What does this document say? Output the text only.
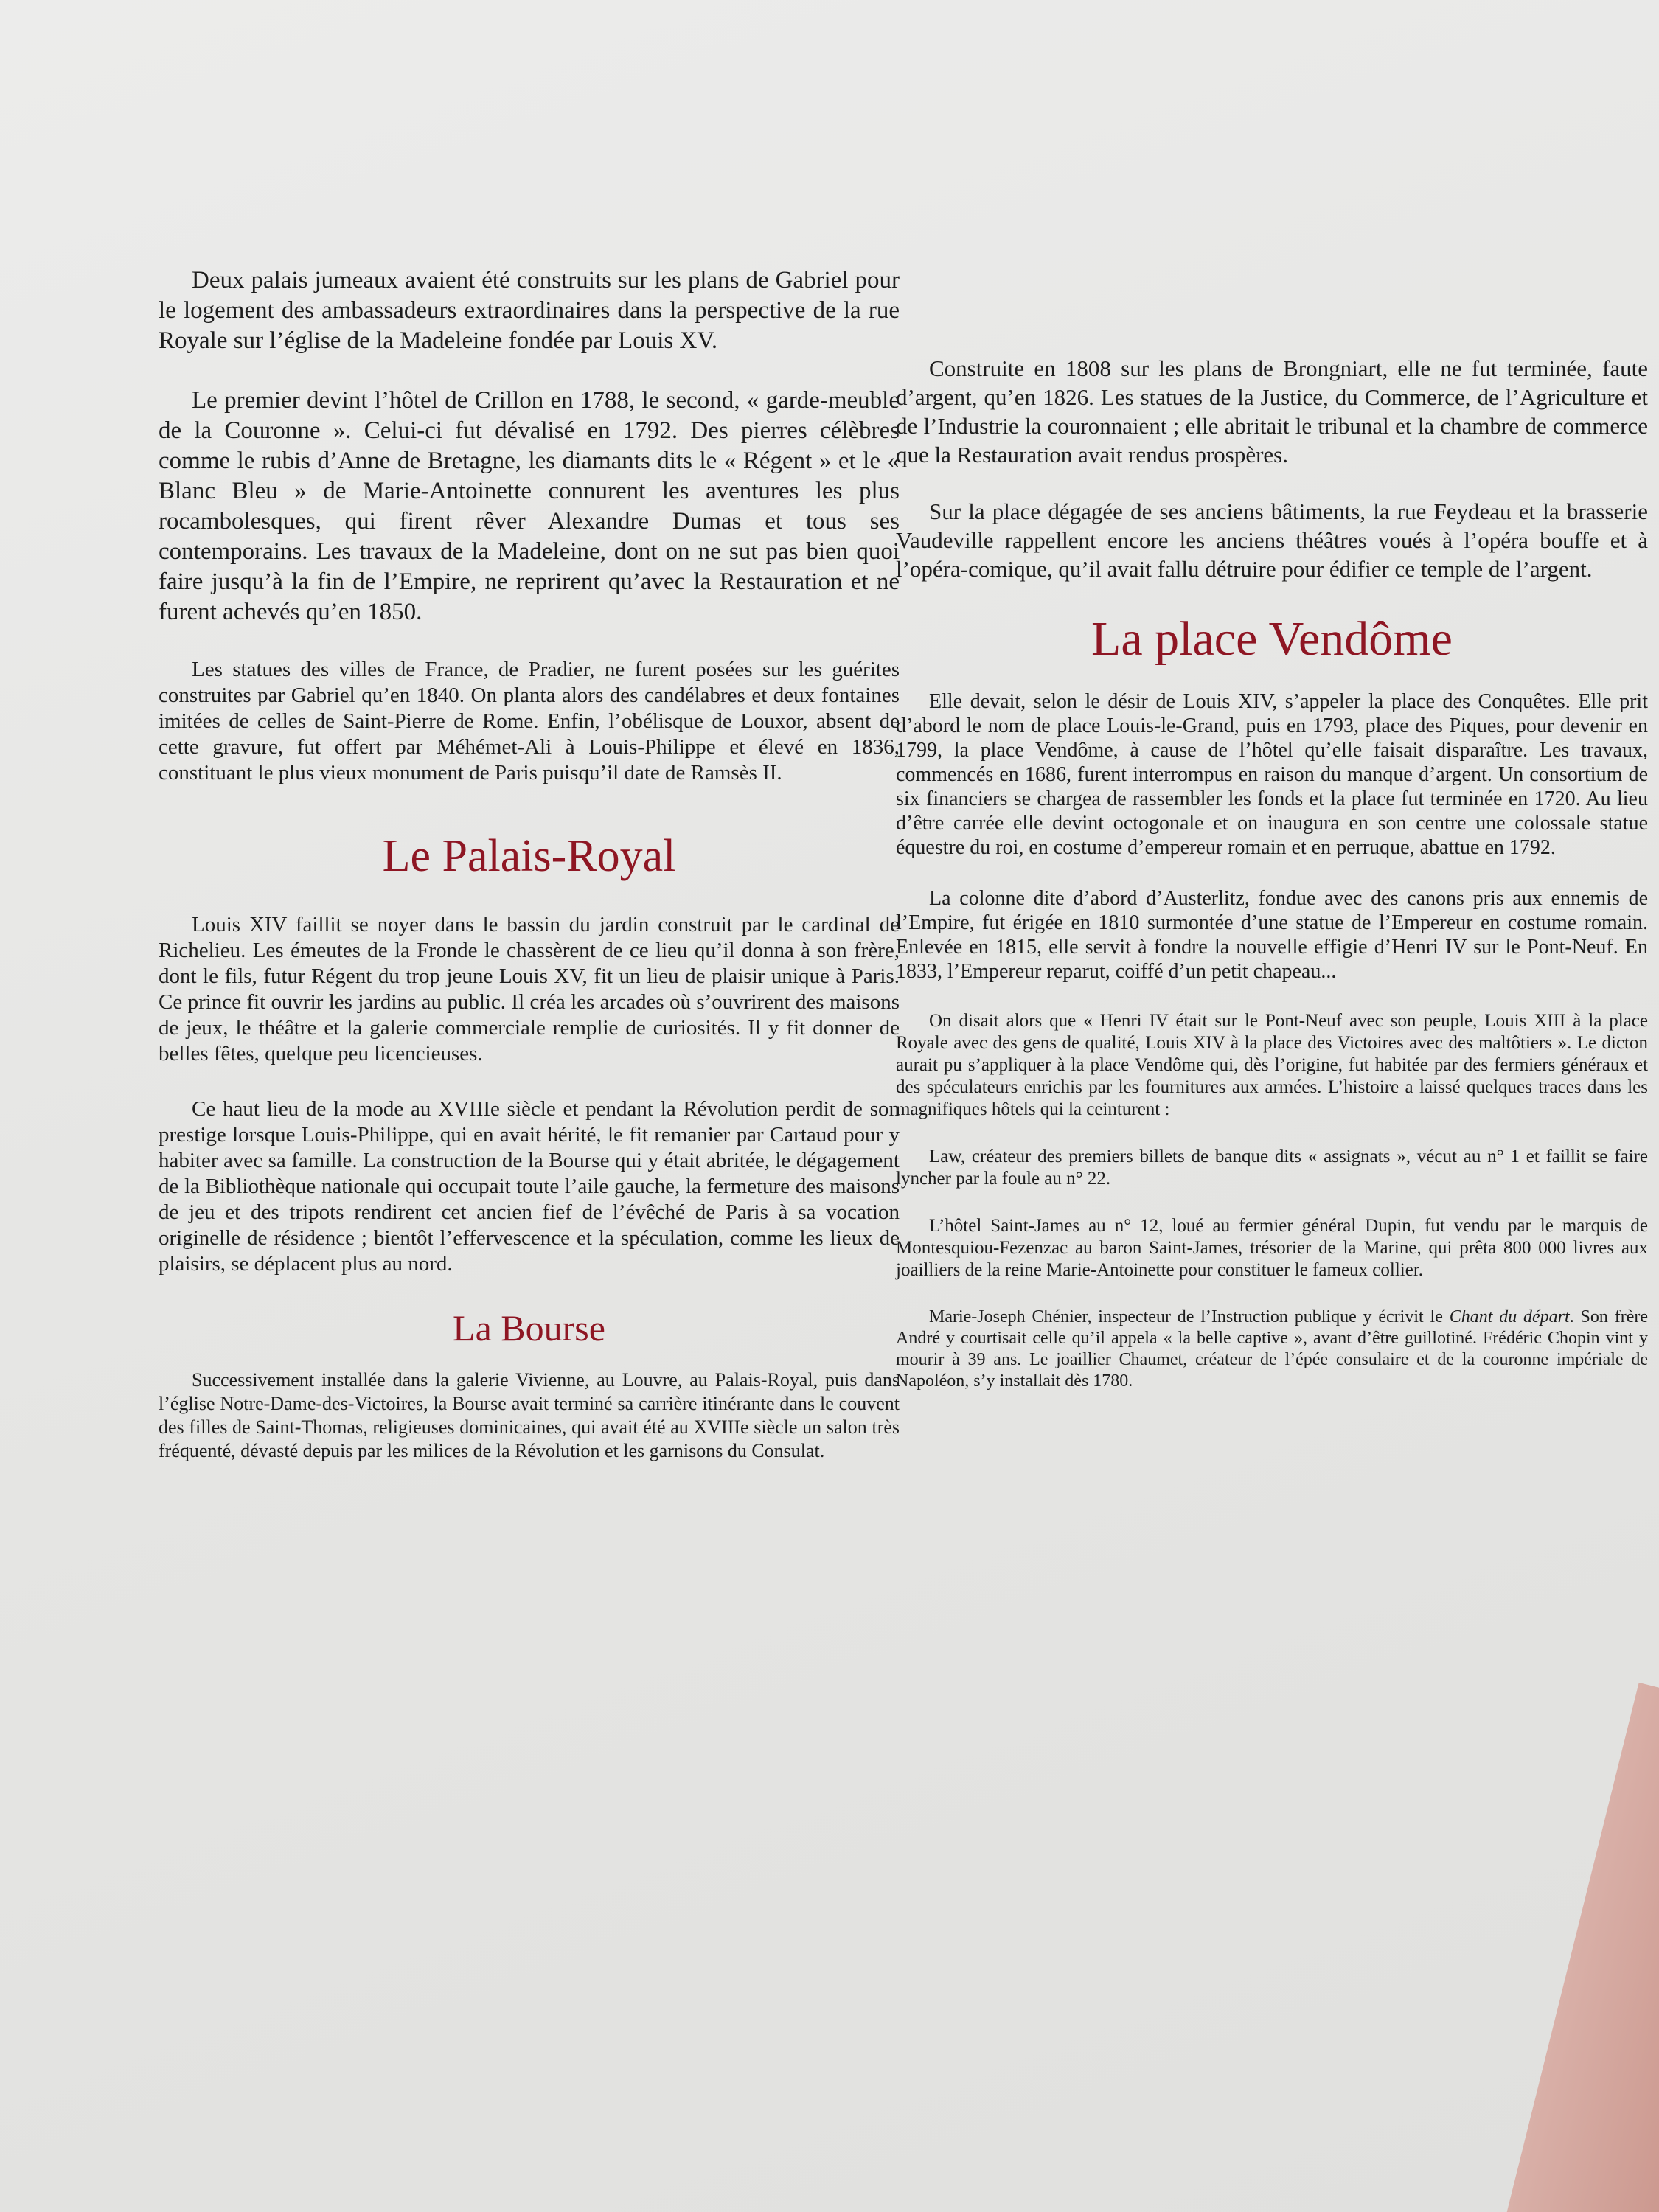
Deux palais jumeaux avaient été construits sur les plans de Gabriel pour le logement des ambassadeurs extraordinaires dans la perspective de la rue Royale sur l’église de la Madeleine fondée par Louis XV.

Le premier devint l’hôtel de Crillon en 1788, le second, « garde-meuble de la Couronne ». Celui-ci fut dévalisé en 1792. Des pierres célèbres comme le rubis d’Anne de Bretagne, les diamants dits le « Régent » et le « Blanc Bleu » de Marie-Antoinette connurent les aventures les plus rocambolesques, qui firent rêver Alexandre Dumas et tous ses contemporains. Les travaux de la Madeleine, dont on ne sut pas bien quoi faire jusqu’à la fin de l’Empire, ne reprirent qu’avec la Restauration et ne furent achevés qu’en 1850.

Les statues des villes de France, de Pradier, ne furent posées sur les guérites construites par Gabriel qu’en 1840. On planta alors des candélabres et deux fontaines imitées de celles de Saint-Pierre de Rome. Enfin, l’obélisque de Louxor, absent de cette gravure, fut offert par Méhémet-Ali à Louis-Philippe et élevé en 1836, constituant le plus vieux monument de Paris puisqu’il date de Ramsès II.

Le Palais-Royal

Louis XIV faillit se noyer dans le bassin du jardin construit par le cardinal de Richelieu. Les émeutes de la Fronde le chassèrent de ce lieu qu’il donna à son frère, dont le fils, futur Régent du trop jeune Louis XV, fit un lieu de plaisir unique à Paris. Ce prince fit ouvrir les jardins au public. Il créa les arcades où s’ouvrirent des maisons de jeux, le théâtre et la galerie commerciale remplie de curiosités. Il y fit donner de belles fêtes, quelque peu licencieuses.

Ce haut lieu de la mode au XVIIIe siècle et pendant la Révolution perdit de son prestige lorsque Louis-Philippe, qui en avait hérité, le fit remanier par Cartaud pour y habiter avec sa famille. La construction de la Bourse qui y était abritée, le dégagement de la Bibliothèque nationale qui occupait toute l’aile gauche, la fermeture des maisons de jeu et des tripots rendirent cet ancien fief de l’évêché de Paris à sa vocation originelle de résidence ; bientôt l’effervescence et la spéculation, comme les lieux de plaisirs, se déplacent plus au nord.

La Bourse

Successivement installée dans la galerie Vivienne, au Louvre, au Palais-Royal, puis dans l’église Notre-Dame-des-Victoires, la Bourse avait terminé sa carrière itinérante dans le couvent des filles de Saint-Thomas, religieuses dominicaines, qui avait été au XVIIIe siècle un salon très fréquenté, dévasté depuis par les milices de la Révolution et les garnisons du Consulat.

Construite en 1808 sur les plans de Brongniart, elle ne fut terminée, faute d’argent, qu’en 1826. Les statues de la Justice, du Commerce, de l’Agriculture et de l’Industrie la couronnaient ; elle abritait le tribunal et la chambre de commerce que la Restauration avait rendus prospères.

Sur la place dégagée de ses anciens bâtiments, la rue Feydeau et la brasserie Vaudeville rappellent encore les anciens théâtres voués à l’opéra bouffe et à l’opéra-comique, qu’il avait fallu détruire pour édifier ce temple de l’argent.

La place Vendôme

Elle devait, selon le désir de Louis XIV, s’appeler la place des Conquêtes. Elle prit d’abord le nom de place Louis-le-Grand, puis en 1793, place des Piques, pour devenir en 1799, la place Vendôme, à cause de l’hôtel qu’elle faisait disparaître. Les travaux, commencés en 1686, furent interrompus en raison du manque d’argent. Un consortium de six financiers se chargea de rassembler les fonds et la place fut terminée en 1720. Au lieu d’être carrée elle devint octogonale et on inaugura en son centre une colossale statue équestre du roi, en costume d’empereur romain et en perruque, abattue en 1792.

La colonne dite d’abord d’Austerlitz, fondue avec des canons pris aux ennemis de l’Empire, fut érigée en 1810 surmontée d’une statue de l’Empereur en costume romain. Enlevée en 1815, elle servit à fondre la nouvelle effigie d’Henri IV sur le Pont-Neuf. En 1833, l’Empereur reparut, coiffé d’un petit chapeau...

On disait alors que « Henri IV était sur le Pont-Neuf avec son peuple, Louis XIII à la place Royale avec des gens de qualité, Louis XIV à la place des Victoires avec des maltôtiers ». Le dicton aurait pu s’appliquer à la place Vendôme qui, dès l’origine, fut habitée par des fermiers généraux et des spéculateurs enrichis par les fournitures aux armées. L’histoire a laissé quelques traces dans les magnifiques hôtels qui la ceinturent :

Law, créateur des premiers billets de banque dits « assignats », vécut au n° 1 et faillit se faire lyncher par la foule au n° 22.

L’hôtel Saint-James au n° 12, loué au fermier général Dupin, fut vendu par le marquis de Montesquiou-Fezenzac au baron Saint-James, trésorier de la Marine, qui prêta 800 000 livres aux joailliers de la reine Marie-Antoinette pour constituer le fameux collier.

Marie-Joseph Chénier, inspecteur de l’Instruction publique y écrivit le Chant du départ. Son frère André y courtisait celle qu’il appela « la belle captive », avant d’être guillotiné. Frédéric Chopin vint y mourir à 39 ans. Le joaillier Chaumet, créateur de l’épée consulaire et de la couronne impériale de Napoléon, s’y installait dès 1780.
